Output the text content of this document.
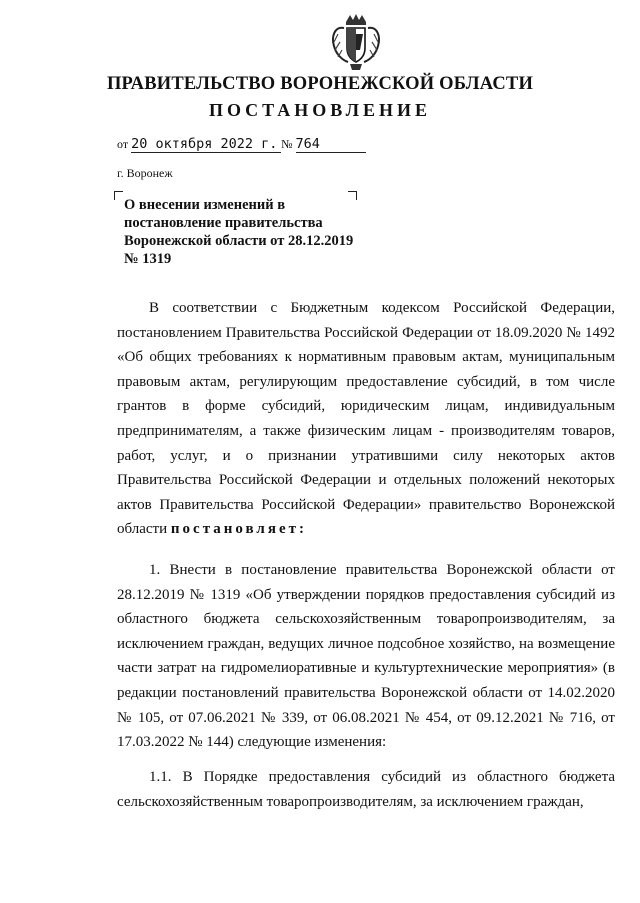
ПРАВИТЕЛЬСТВО ВОРОНЕЖСКОЙ ОБЛАСТИ
ПОСТАНОВЛЕНИЕ
от 20 октября 2022 г. № 764
г. Воронеж
О внесении изменений в постановление правительства Воронежской области от 28.12.2019 № 1319
В соответствии с Бюджетным кодексом Российской Федерации, постановлением Правительства Российской Федерации от 18.09.2020 № 1492 «Об общих требованиях к нормативным правовым актам, муниципальным правовым актам, регулирующим предоставление субсидий, в том числе грантов в форме субсидий, юридическим лицам, индивидуальным предпринимателям, а также физическим лицам - производителям товаров, работ, услуг, и о признании утратившими силу некоторых актов Правительства Российской Федерации и отдельных положений некоторых актов Правительства Российской Федерации» правительство Воронежской области постановляет:
1. Внести в постановление правительства Воронежской области от 28.12.2019 № 1319 «Об утверждении порядков предоставления субсидий из областного бюджета сельскохозяйственным товаропроизводителям, за исключением граждан, ведущих личное подсобное хозяйство, на возмещение части затрат на гидромелиоративные и культуртехнические мероприятия» (в редакции постановлений правительства Воронежской области от 14.02.2020 № 105, от 07.06.2021 № 339, от 06.08.2021 № 454, от 09.12.2021 № 716, от 17.03.2022 № 144) следующие изменения:
1.1. В Порядке предоставления субсидий из областного бюджета сельскохозяйственным товаропроизводителям, за исключением граждан,
